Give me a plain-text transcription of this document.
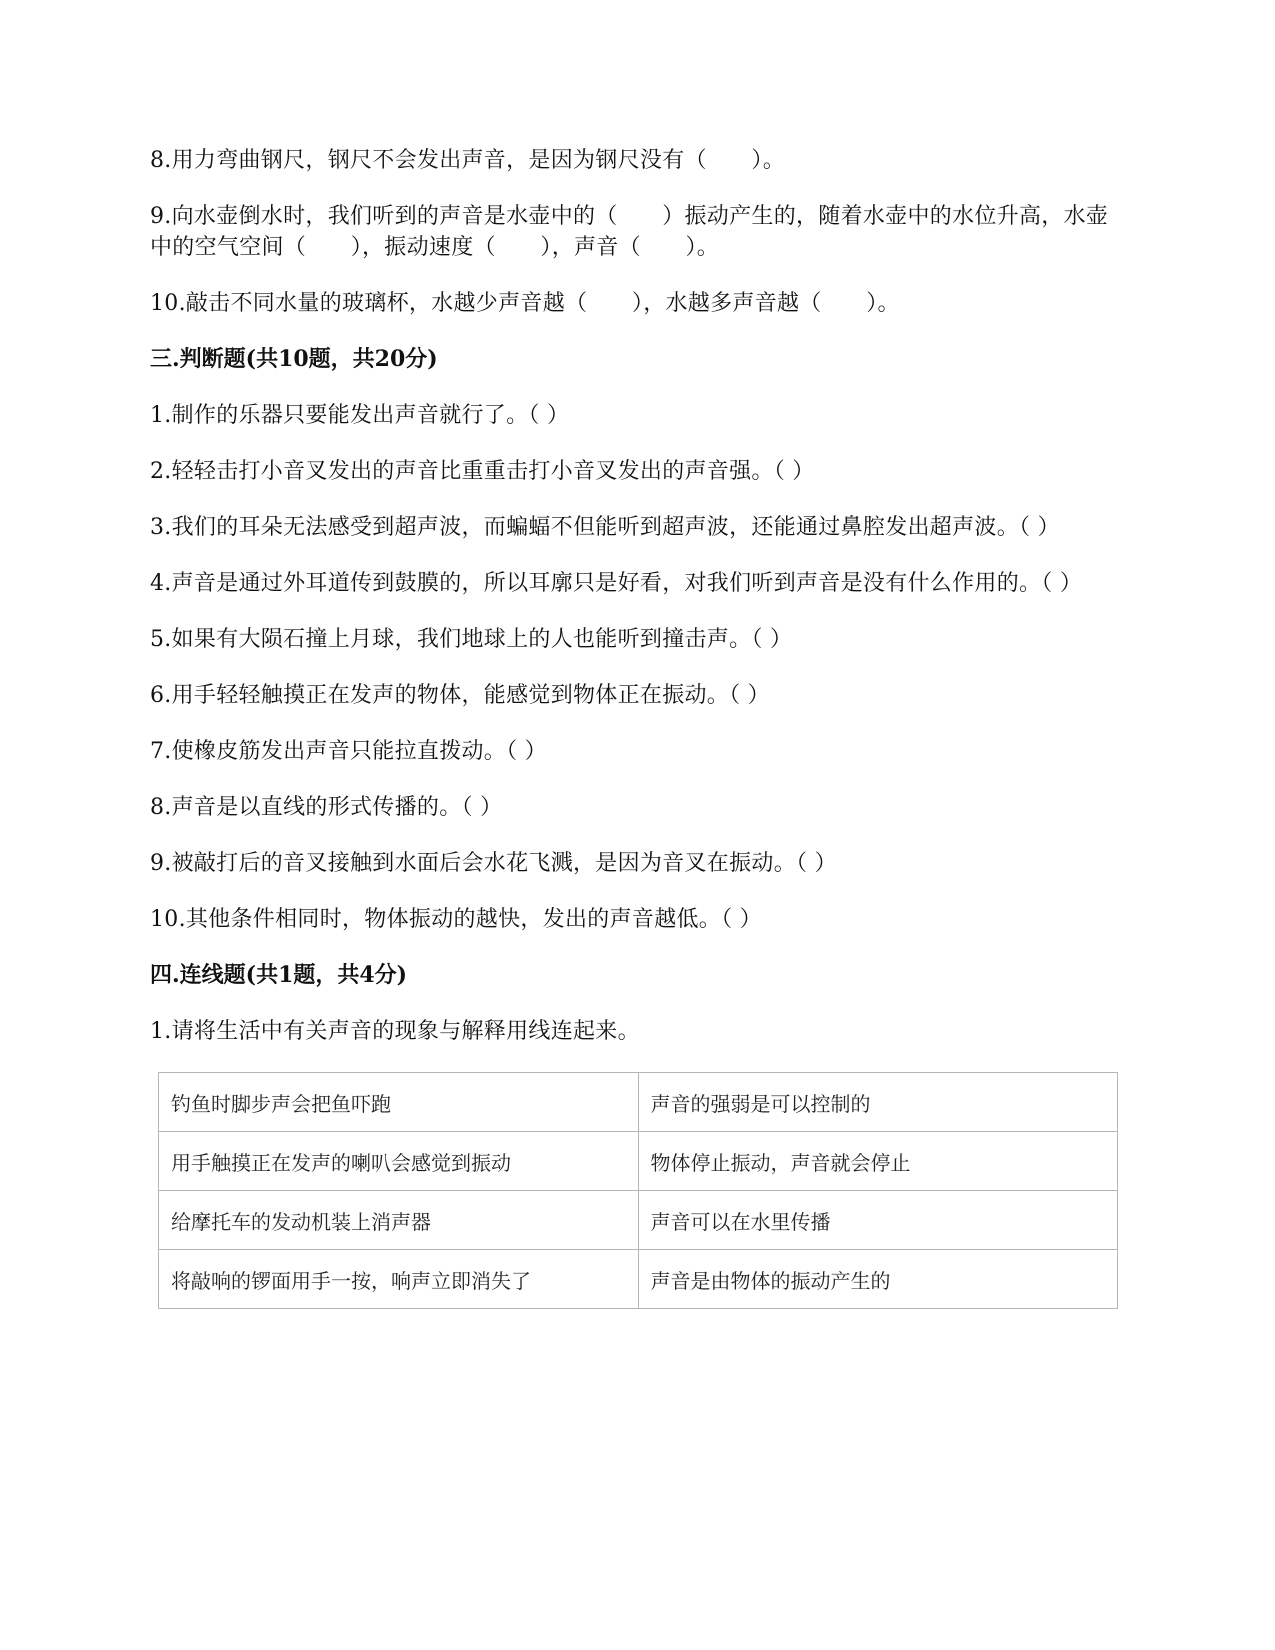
8.用力弯曲钢尺，钢尺不会发出声音，是因为钢尺没有（　　）。

9.向水壶倒水时，我们听到的声音是水壶中的（　　）振动产生的，随着水壶中的水位升高，水壶中的空气空间（　　），振动速度（　　），声音（　　）。

10.敲击不同水量的玻璃杯，水越少声音越（　　），水越多声音越（　　）。

三.判断题(共10题，共20分)

1.制作的乐器只要能发出声音就行了。（ ）

2.轻轻击打小音叉发出的声音比重重击打小音叉发出的声音强。（ ）

3.我们的耳朵无法感受到超声波，而蝙蝠不但能听到超声波，还能通过鼻腔发出超声波。（ ）

4.声音是通过外耳道传到鼓膜的，所以耳廓只是好看，对我们听到声音是没有什么作用的。（ ）

5.如果有大陨石撞上月球，我们地球上的人也能听到撞击声。（ ）

6.用手轻轻触摸正在发声的物体，能感觉到物体正在振动。（ ）

7.使橡皮筋发出声音只能拉直拨动。（ ）

8.声音是以直线的形式传播的。（ ）

9.被敲打后的音叉接触到水面后会水花飞溅，是因为音叉在振动。（ ）

10.其他条件相同时，物体振动的越快，发出的声音越低。（ ）

四.连线题(共1题，共4分)

1.请将生活中有关声音的现象与解释用线连起来。

钓鱼时脚步声会把鱼吓跑	声音的强弱是可以控制的
用手触摸正在发声的喇叭会感觉到振动	物体停止振动，声音就会停止
给摩托车的发动机装上消声器	声音可以在水里传播
将敲响的锣面用手一按，响声立即消失了	声音是由物体的振动产生的
